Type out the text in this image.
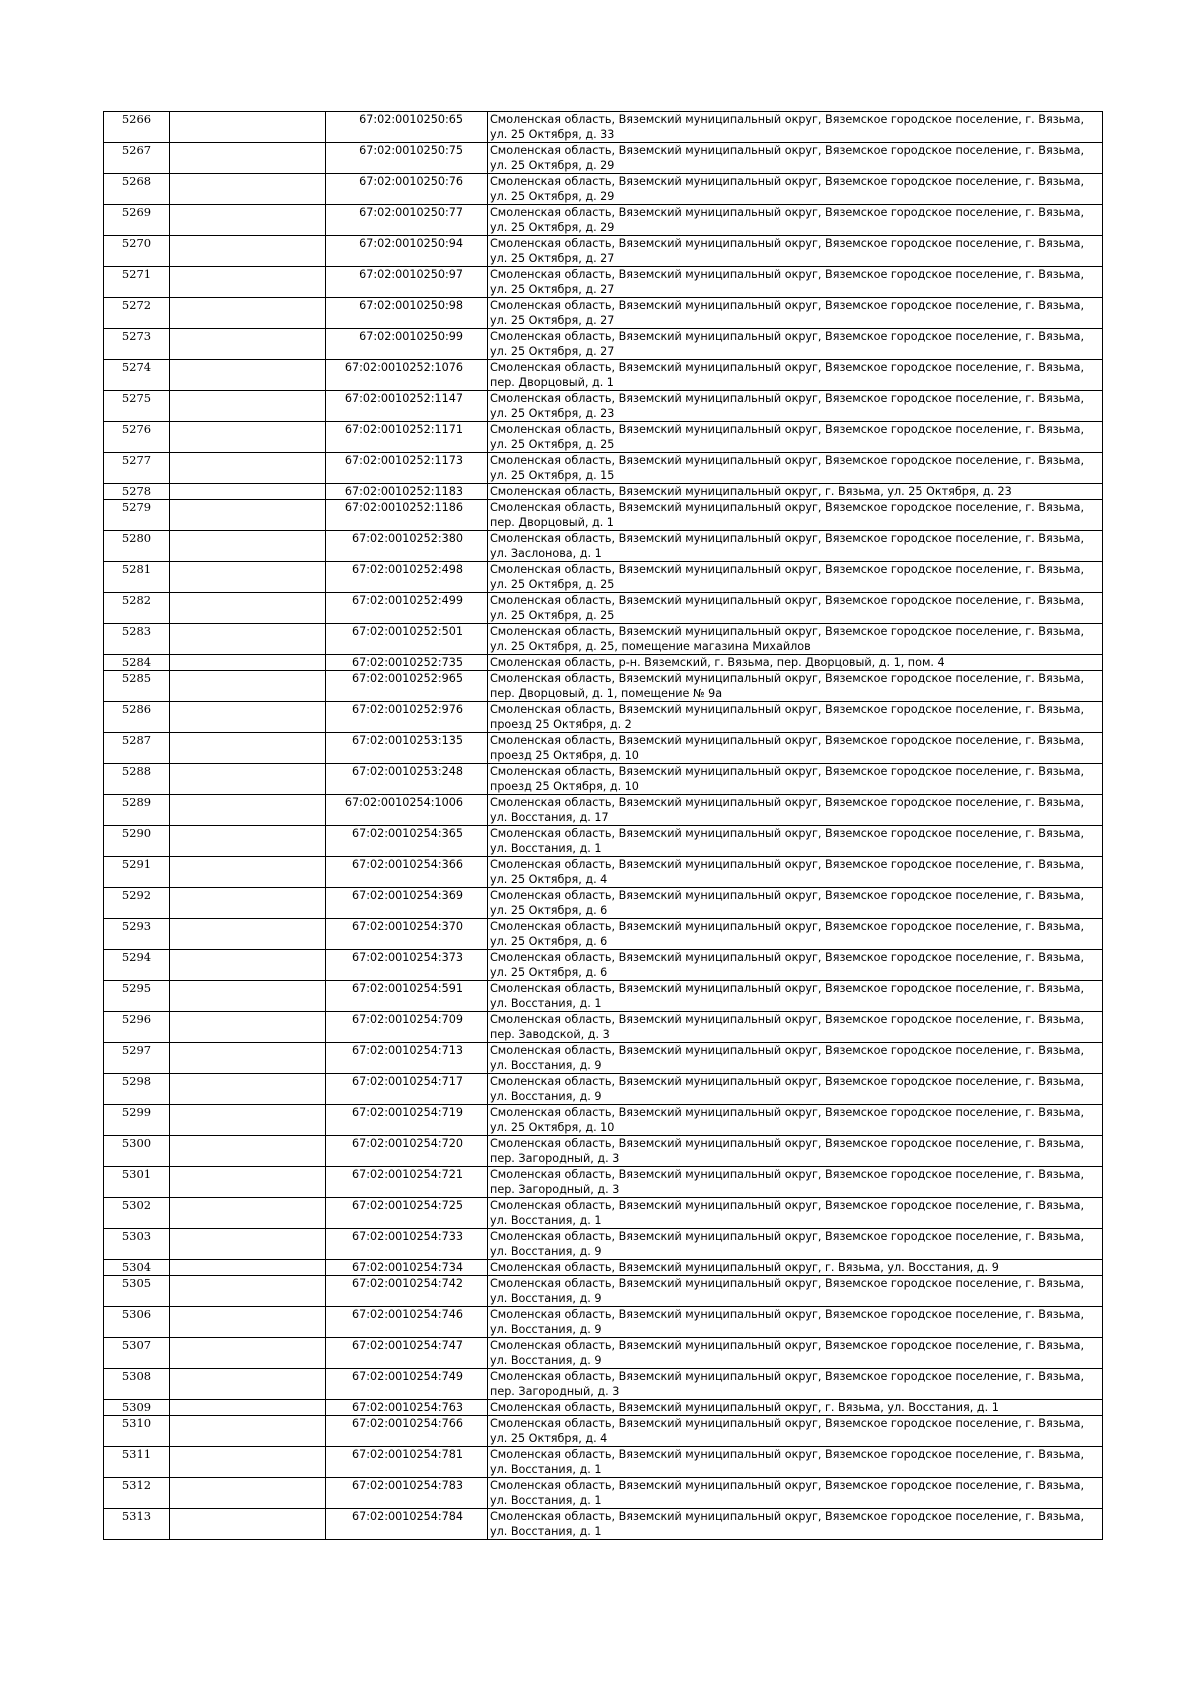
5266		67:02:0010250:65	Смоленская область, Вяземский муниципальный округ, Вяземское городское поселение, г. Вязьма, ул. 25 Октября, д. 33
5267		67:02:0010250:75	Смоленская область, Вяземский муниципальный округ, Вяземское городское поселение, г. Вязьма, ул. 25 Октября, д. 29
5268		67:02:0010250:76	Смоленская область, Вяземский муниципальный округ, Вяземское городское поселение, г. Вязьма, ул. 25 Октября, д. 29
5269		67:02:0010250:77	Смоленская область, Вяземский муниципальный округ, Вяземское городское поселение, г. Вязьма, ул. 25 Октября, д. 29
5270		67:02:0010250:94	Смоленская область, Вяземский муниципальный округ, Вяземское городское поселение, г. Вязьма, ул. 25 Октября, д. 27
5271		67:02:0010250:97	Смоленская область, Вяземский муниципальный округ, Вяземское городское поселение, г. Вязьма, ул. 25 Октября, д. 27
5272		67:02:0010250:98	Смоленская область, Вяземский муниципальный округ, Вяземское городское поселение, г. Вязьма, ул. 25 Октября, д. 27
5273		67:02:0010250:99	Смоленская область, Вяземский муниципальный округ, Вяземское городское поселение, г. Вязьма, ул. 25 Октября, д. 27
5274		67:02:0010252:1076	Смоленская область, Вяземский муниципальный округ, Вяземское городское поселение, г. Вязьма, пер. Дворцовый, д. 1
5275		67:02:0010252:1147	Смоленская область, Вяземский муниципальный округ, Вяземское городское поселение, г. Вязьма, ул. 25 Октября, д. 23
5276		67:02:0010252:1171	Смоленская область, Вяземский муниципальный округ, Вяземское городское поселение, г. Вязьма, ул. 25 Октября, д. 25
5277		67:02:0010252:1173	Смоленская область, Вяземский муниципальный округ, Вяземское городское поселение, г. Вязьма, ул. 25 Октября, д. 15
5278		67:02:0010252:1183	Смоленская область, Вяземский муниципальный округ, г. Вязьма, ул. 25 Октября, д. 23
5279		67:02:0010252:1186	Смоленская область, Вяземский муниципальный округ, Вяземское городское поселение, г. Вязьма, пер. Дворцовый, д. 1
5280		67:02:0010252:380	Смоленская область, Вяземский муниципальный округ, Вяземское городское поселение, г. Вязьма, ул. Заслонова, д. 1
5281		67:02:0010252:498	Смоленская область, Вяземский муниципальный округ, Вяземское городское поселение, г. Вязьма, ул. 25 Октября, д. 25
5282		67:02:0010252:499	Смоленская область, Вяземский муниципальный округ, Вяземское городское поселение, г. Вязьма, ул. 25 Октября, д. 25
5283		67:02:0010252:501	Смоленская область, Вяземский муниципальный округ, Вяземское городское поселение, г. Вязьма, ул. 25 Октября, д. 25, помещение магазина Михайлов
5284		67:02:0010252:735	Смоленская область, р-н. Вяземский, г. Вязьма, пер. Дворцовый, д. 1, пом. 4
5285		67:02:0010252:965	Смоленская область, Вяземский муниципальный округ, Вяземское городское поселение, г. Вязьма, пер. Дворцовый, д. 1, помещение № 9а
5286		67:02:0010252:976	Смоленская область, Вяземский муниципальный округ, Вяземское городское поселение, г. Вязьма, проезд 25 Октября, д. 2
5287		67:02:0010253:135	Смоленская область, Вяземский муниципальный округ, Вяземское городское поселение, г. Вязьма, проезд 25 Октября, д. 10
5288		67:02:0010253:248	Смоленская область, Вяземский муниципальный округ, Вяземское городское поселение, г. Вязьма, проезд 25 Октября, д. 10
5289		67:02:0010254:1006	Смоленская область, Вяземский муниципальный округ, Вяземское городское поселение, г. Вязьма, ул. Восстания, д. 17
5290		67:02:0010254:365	Смоленская область, Вяземский муниципальный округ, Вяземское городское поселение, г. Вязьма, ул. Восстания, д. 1
5291		67:02:0010254:366	Смоленская область, Вяземский муниципальный округ, Вяземское городское поселение, г. Вязьма, ул. 25 Октября, д. 4
5292		67:02:0010254:369	Смоленская область, Вяземский муниципальный округ, Вяземское городское поселение, г. Вязьма, ул. 25 Октября, д. 6
5293		67:02:0010254:370	Смоленская область, Вяземский муниципальный округ, Вяземское городское поселение, г. Вязьма, ул. 25 Октября, д. 6
5294		67:02:0010254:373	Смоленская область, Вяземский муниципальный округ, Вяземское городское поселение, г. Вязьма, ул. 25 Октября, д. 6
5295		67:02:0010254:591	Смоленская область, Вяземский муниципальный округ, Вяземское городское поселение, г. Вязьма, ул. Восстания, д. 1
5296		67:02:0010254:709	Смоленская область, Вяземский муниципальный округ, Вяземское городское поселение, г. Вязьма, пер. Заводской, д. 3
5297		67:02:0010254:713	Смоленская область, Вяземский муниципальный округ, Вяземское городское поселение, г. Вязьма, ул. Восстания, д. 9
5298		67:02:0010254:717	Смоленская область, Вяземский муниципальный округ, Вяземское городское поселение, г. Вязьма, ул. Восстания, д. 9
5299		67:02:0010254:719	Смоленская область, Вяземский муниципальный округ, Вяземское городское поселение, г. Вязьма, ул. 25 Октября, д. 10
5300		67:02:0010254:720	Смоленская область, Вяземский муниципальный округ, Вяземское городское поселение, г. Вязьма, пер. Загородный, д. 3
5301		67:02:0010254:721	Смоленская область, Вяземский муниципальный округ, Вяземское городское поселение, г. Вязьма, пер. Загородный, д. 3
5302		67:02:0010254:725	Смоленская область, Вяземский муниципальный округ, Вяземское городское поселение, г. Вязьма, ул. Восстания, д. 1
5303		67:02:0010254:733	Смоленская область, Вяземский муниципальный округ, Вяземское городское поселение, г. Вязьма, ул. Восстания, д. 9
5304		67:02:0010254:734	Смоленская область, Вяземский муниципальный округ, г. Вязьма, ул. Восстания, д. 9
5305		67:02:0010254:742	Смоленская область, Вяземский муниципальный округ, Вяземское городское поселение, г. Вязьма, ул. Восстания, д. 9
5306		67:02:0010254:746	Смоленская область, Вяземский муниципальный округ, Вяземское городское поселение, г. Вязьма, ул. Восстания, д. 9
5307		67:02:0010254:747	Смоленская область, Вяземский муниципальный округ, Вяземское городское поселение, г. Вязьма, ул. Восстания, д. 9
5308		67:02:0010254:749	Смоленская область, Вяземский муниципальный округ, Вяземское городское поселение, г. Вязьма, пер. Загородный, д. 3
5309		67:02:0010254:763	Смоленская область, Вяземский муниципальный округ, г. Вязьма, ул. Восстания, д. 1
5310		67:02:0010254:766	Смоленская область, Вяземский муниципальный округ, Вяземское городское поселение, г. Вязьма, ул. 25 Октября, д. 4
5311		67:02:0010254:781	Смоленская область, Вяземский муниципальный округ, Вяземское городское поселение, г. Вязьма, ул. Восстания, д. 1
5312		67:02:0010254:783	Смоленская область, Вяземский муниципальный округ, Вяземское городское поселение, г. Вязьма, ул. Восстания, д. 1
5313		67:02:0010254:784	Смоленская область, Вяземский муниципальный округ, Вяземское городское поселение, г. Вязьма, ул. Восстания, д. 1
